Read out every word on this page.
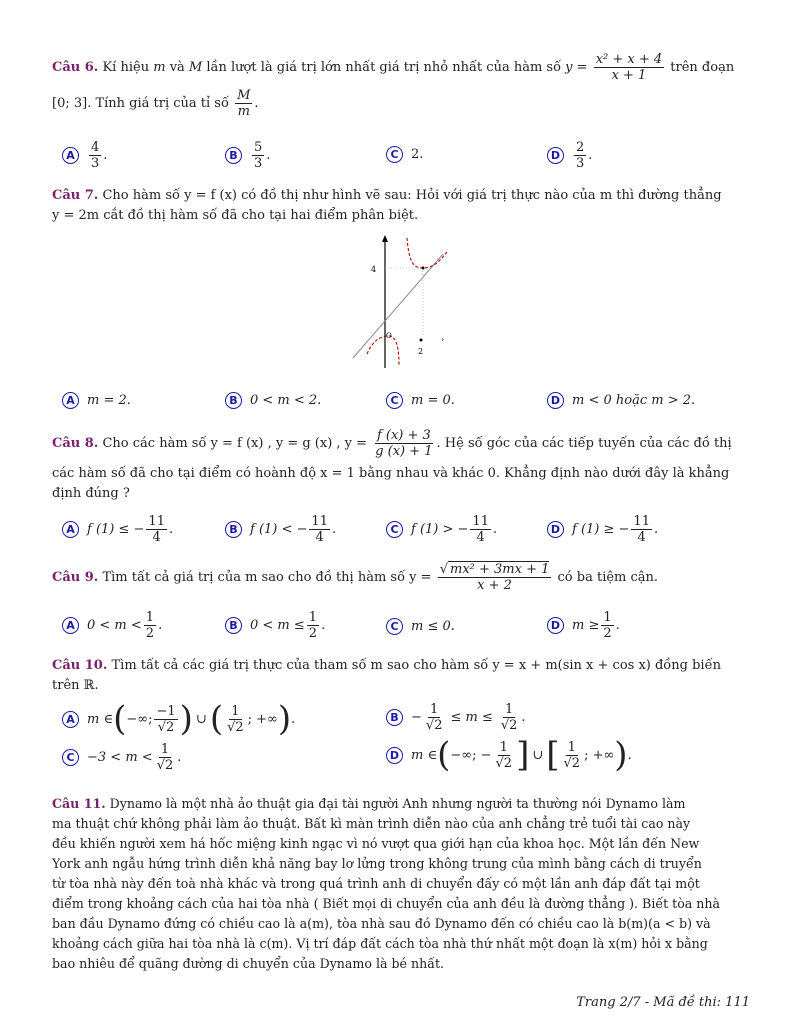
Câu 6. Kí hiệu m và M lần lượt là giá trị lớn nhất giá trị nhỏ nhất của hàm số $y = \frac{\text{x² + x + 4}}{x + 1}$ trên đoạn
[0; 3]. Tính giá trị của tỉ số $\frac{M}{m}$ .
A	$\frac{4}{3}$ .	B	$\frac{5}{3}$ .	C 2.	D	$\frac{2}{3}$ .
Câu 7. Cho hàm số y = f (x) có đồ thị như hình vẽ sau: Hỏi với giá trị thực nào của m thì đường thẳng
y = 2m cắt đồ thị hàm số đã cho tại hai điểm phân biệt.
4
2
O	›
A m = 2.	B 0 < m < 2.	C m = 0.	D m < 0 hoặc m > 2.
Câu 8. Cho các hàm số y = f (x) , y = g (x) , $y = \frac{f (x) + 3}{g (x) + 1}$ . Hệ số góc của các tiếp tuyến của các đồ thị
các hàm số đã cho tại điểm có hoành độ x = 1 bằng nhau và khác 0. Khẳng định nào dưới đây là khẳng
định đúng ?
A f (1) ≤ − $\frac{11}{4}$ .	B f (1) < − $\frac{11}{4}$ .	C f (1) > − $\frac{11}{4}$ .	D f (1) ≥ − $\frac{11}{4}$ .
Câu 9. Tìm tất cả giá trị của m sao cho đồ thị hàm số $y = \frac{\text{√ mx² + 3mx + 1}}{x + 2}$ có ba tiệm cận.
A $0 < m < \frac{1}{2}$ .	B $0 < m \le \frac{1}{2}$ .	C m ≤ 0.	D $m \ge \frac{1}{2}$ .
Câu 10. Tìm tất cả các giá trị thực của tham số m sao cho hàm số y = x + m(sin x + cos x) đồng biến
trên ℝ.
A m ∈ ( −∞; $\frac{-1}{√2}$ ) ∪ ( $\frac{1}{√2}$ ; +∞ ) .	$B - \frac{1}{√2} \le m \le \frac{1}{√2}$ .
$C -3 < m < \frac{1}{√2}$ .	D m ∈ ( −∞; − $\frac{1}{√2}$ ] ∪ [ $\frac{1}{√2}$ ; +∞ ) .
Câu 11. Dynamo là một nhà ảo thuật gia đại tài người Anh nhưng người ta thường nói Dynamo làm
ma thuật chứ không phải làm ảo thuật. Bất kì màn trình diễn nào của anh chẳng trẻ tuổi tài cao này
đều khiến người xem há hốc miệng kinh ngạc vì nó vượt qua giới hạn của khoa học. Một lần đến New
York anh ngẫu hứng trình diễn khả năng bay lơ lửng trong không trung của mình bằng cách di truyển
từ tòa nhà này đến toà nhà khác và trong quá trình anh di chuyển đấy có một lần anh đáp đất tại một
điểm trong khoảng cách của hai tòa nhà ( Biết mọi di chuyển của anh đều là đường thẳng ). Biết tòa nhà
ban đầu Dynamo đứng có chiều cao là a(m), tòa nhà sau đó Dynamo đến có chiều cao là b(m)(a < b) và
khoảng cách giữa hai tòa nhà là c(m). Vị trí đáp đất cách tòa nhà thứ nhất một đoạn là x(m) hỏi x bằng
bao nhiêu để quãng đường di chuyển của Dynamo là bé nhất.
Trang 2/7 - Mã đề thi: 111
